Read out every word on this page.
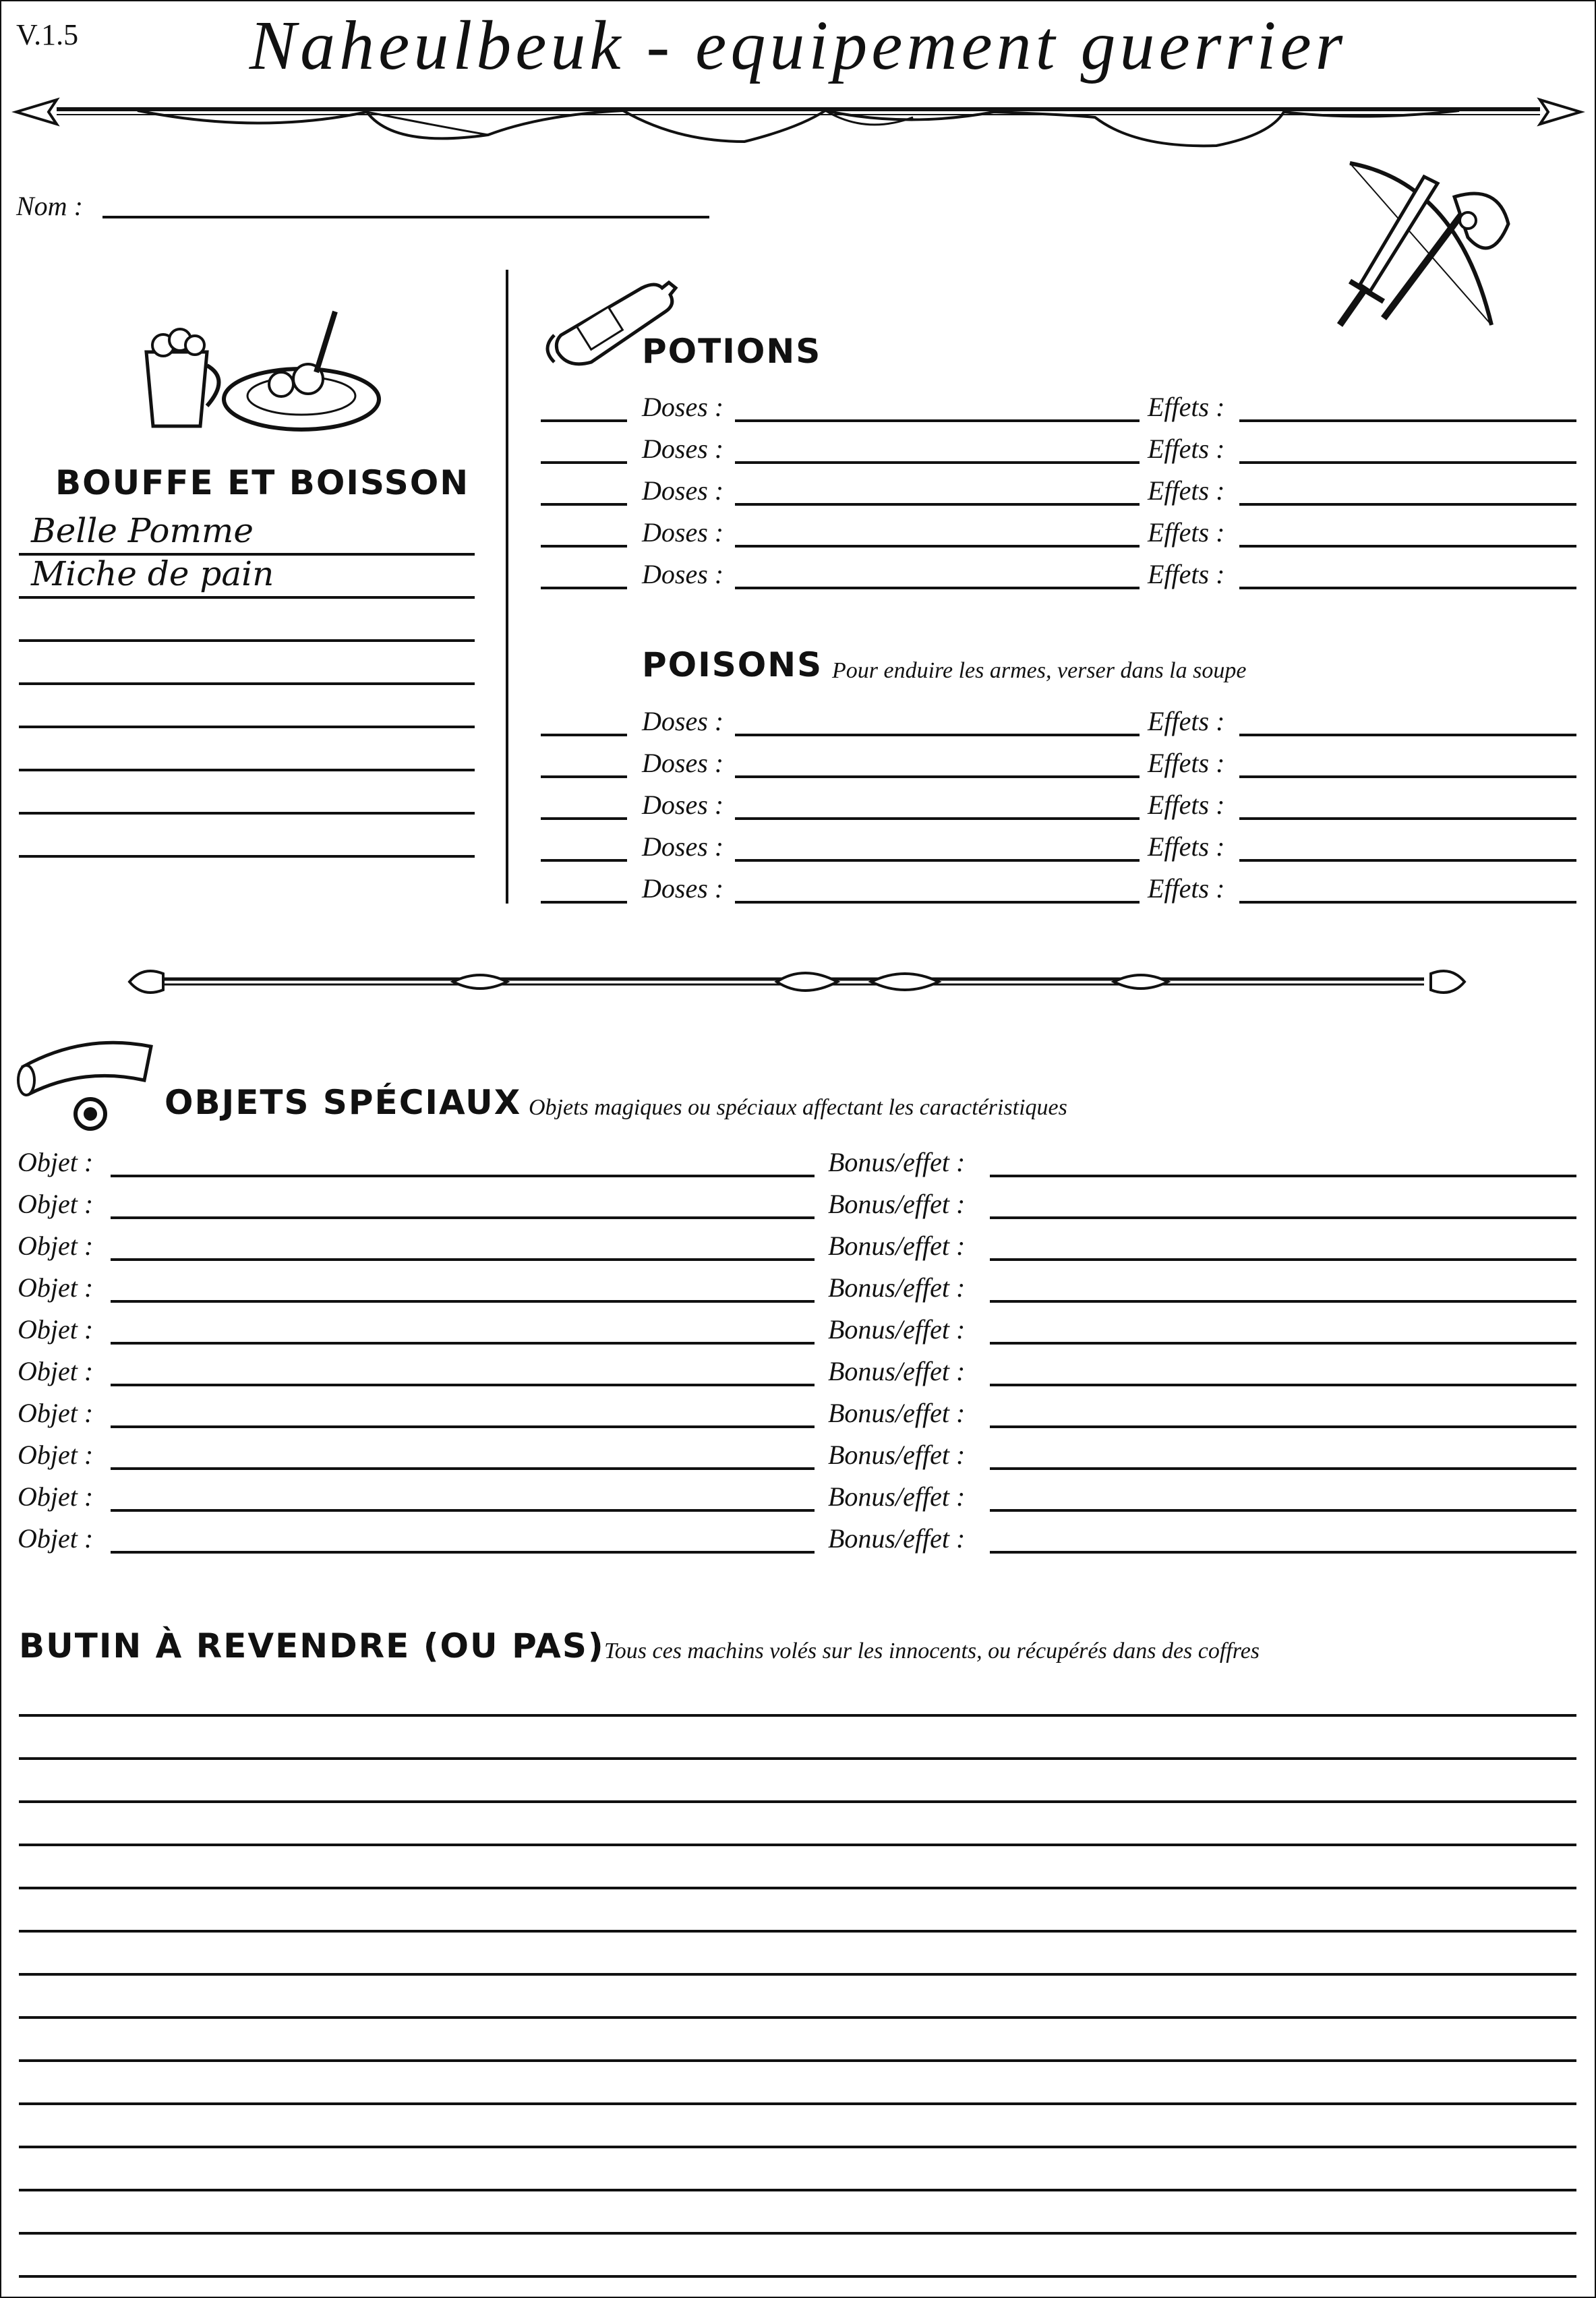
V.1.5	Naheulbeuk - equipement guerrier
Nom :
BOUFFE ET BOISSON
Belle Pomme
Miche de pain
POTIONS
Doses :	Effets :
Doses :	Effets :
Doses :	Effets :
Doses :	Effets :
Doses :	Effets :
POISONS Pour enduire les armes, verser dans la soupe
Doses :	Effets :
Doses :	Effets :
Doses :	Effets :
Doses :	Effets :
Doses :	Effets :
OBJETS SPÉCIAUX Objets magiques ou spéciaux affectant les caractéristiques
Objet :	Bonus/effet :
Objet :	Bonus/effet :
Objet :	Bonus/effet :
Objet :	Bonus/effet :
Objet :	Bonus/effet :
Objet :	Bonus/effet :
Objet :	Bonus/effet :
Objet :	Bonus/effet :
Objet :	Bonus/effet :
Objet :	Bonus/effet :
BUTIN À REVENDRE (OU PAS) Tous ces machins volés sur les innocents, ou récupérés dans des coffres
